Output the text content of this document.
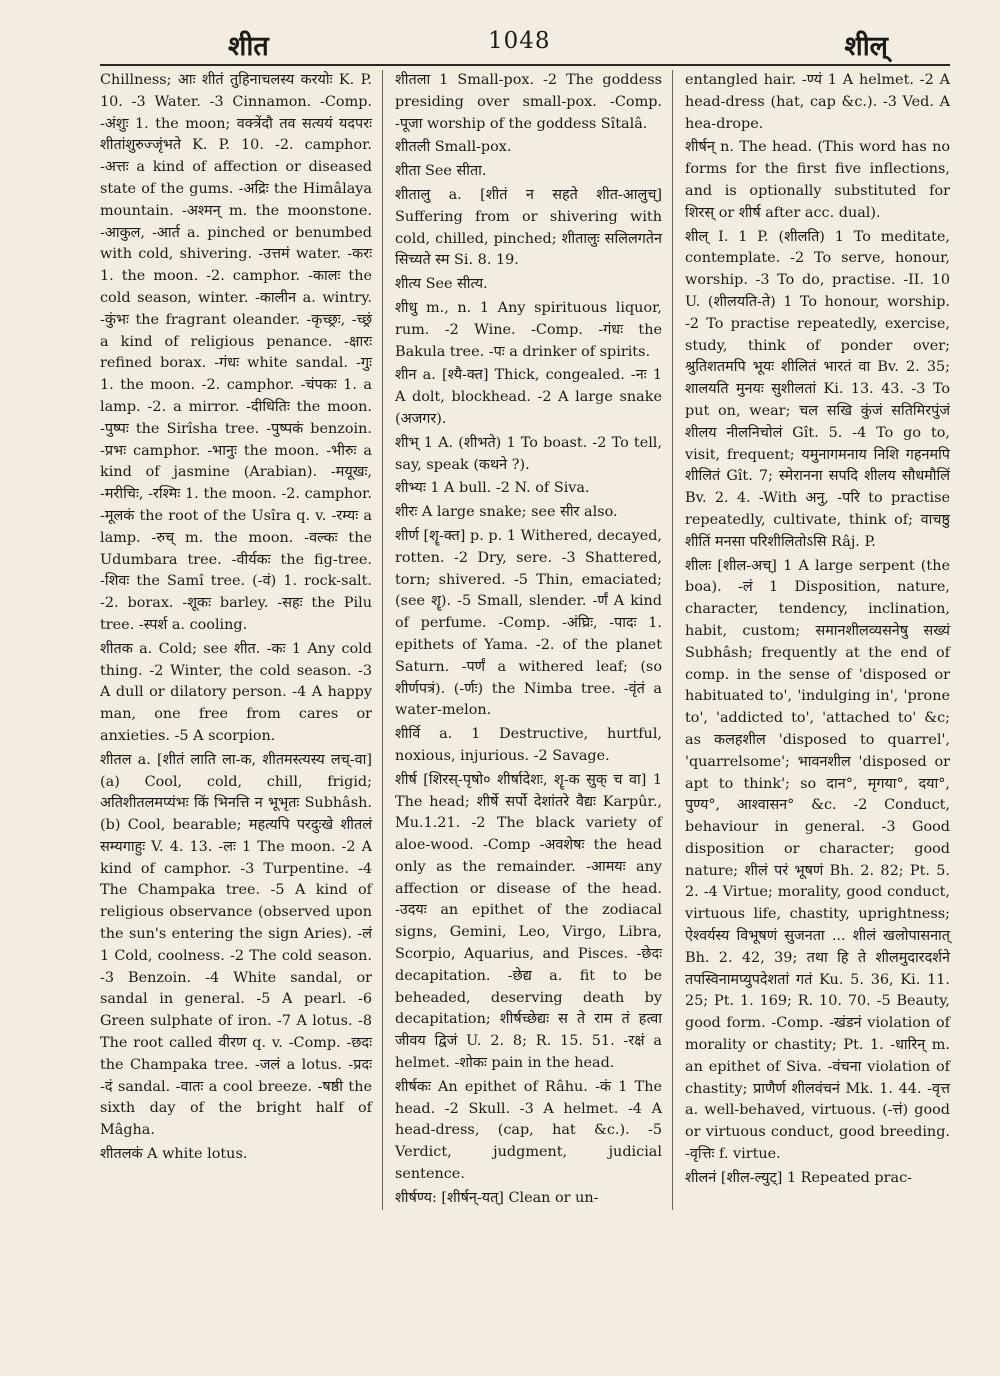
शीत	1048	शील्

Chillness; आः शीतं तुहिनाचलस्य करयोः K. P. 10. -3 Water. -3 Cinnamon. -Comp. -अंशुः 1. the moon; वक्त्रेंदौ तव सत्ययं यदपरः शीतांशुरुज्जृंभते K. P. 10. -2. camphor. -अत्तः a kind of affection or diseased state of the gums. -अद्रिः the Himâlaya mountain. -अश्मन् m. the moonstone. -आकुल, -आर्त a. pinched or benumbed with cold, shivering. -उत्तमं water. -करः 1. the moon. -2. camphor. -कालः the cold season, winter. -कालीन a. wintry. -कुंभः the fragrant oleander. -कृच्छ्रः, -च्छ्रं a kind of religious penance. -क्षारः refined borax. -गंधः white sandal. -गुः 1. the moon. -2. camphor. -चंपकः 1. a lamp. -2. a mirror. -दीधितिः the moon. -पुष्पः the Sirîsha tree. -पुष्पकं benzoin. -प्रभः camphor. -भानुः the moon. -भीरुः a kind of jasmine (Arabian). -मयूखः, -मरीचिः, -रश्मिः 1. the moon. -2. camphor. -मूलकं the root of the Usîra q. v. -रम्यः a lamp. -रुच् m. the moon. -वल्कः the Udumbara tree. -वीर्यकः the fig-tree. -शिवः the Samî tree. (-वं) 1. rock-salt. -2. borax. -शूकः barley. -सहः the Pilu tree. -स्पर्श a. cooling.

शीतक a. Cold; see शीत. -कः 1 Any cold thing. -2 Winter, the cold season. -3 A dull or dilatory person. -4 A happy man, one free from cares or anxieties. -5 A scorpion.

शीतल a. [शीतं लाति ला-क, शीतमस्त्यस्य लच्-वा] (a) Cool, cold, chill, frigid; अतिशीतलमप्यंभः किं भिनत्ति न भूभृतः Subhâsh. (b) Cool, bearable; महत्यपि परदुःखे शीतलं सम्यगाहुः V. 4. 13. -लः 1 The moon. -2 A kind of camphor. -3 Turpentine. -4 The Champaka tree. -5 A kind of religious observance (observed upon the sun's entering the sign Aries). -लं 1 Cold, coolness. -2 The cold season. -3 Benzoin. -4 White sandal, or sandal in general. -5 A pearl. -6 Green sulphate of iron. -7 A lotus. -8 The root called वीरण q. v. -Comp. -छदः the Champaka tree. -जलं a lotus. -प्रदः -दं sandal. -वातः a cool breeze. -षष्ठी the sixth day of the bright half of Mâgha.

शीतलकं A white lotus.

शीतला 1 Small-pox. -2 The goddess presiding over small-pox. -Comp. -पूजा worship of the goddess Sîtalâ.

शीतली Small-pox.

शीता See सीता.

शीतालु a. [शीतं न सहते शीत-आलुच्] Suffering from or shivering with cold, chilled, pinched; शीतालुः सलिलगतेन सिच्यते स्म Si. 8. 19.

शीत्य See सीत्य.

शीधु m., n. 1 Any spirituous liquor, rum. -2 Wine. -Comp. -गंधः the Bakula tree. -पः a drinker of spirits.

शीन a. [श्यै-क्त] Thick, congealed. -नः 1 A dolt, blockhead. -2 A large snake (अजगर).

शीभ् 1 A. (शीभते) 1 To boast. -2 To tell, say, speak (कथने ?).

शीभ्यः 1 A bull. -2 N. of Siva.

शीरः A large snake; see सीर also.

शीर्ण [शॄ-क्त] p. p. 1 Withered, decayed, rotten. -2 Dry, sere. -3 Shattered, torn; shivered. -5 Thin, emaciated; (see शॄ). -5 Small, slender. -र्णं A kind of perfume. -Comp. -अंघ्रिः, -पादः 1. epithets of Yama. -2. of the planet Saturn. -पर्णं a withered leaf; (so शीर्णपत्रं). (-र्णः) the Nimba tree. -वृंतं a water-melon.

शीर्वि a. 1 Destructive, hurtful, noxious, injurious. -2 Savage.

शीर्ष [शिरस्-पृषो० शीर्षादेशः, शॄ-क सुक् च वा] 1 The head; शीर्षे सर्पो देशांतरे वैद्यः Karpûr., Mu.1.21. -2 The black variety of aloe-wood. -Comp -अवशेषः the head only as the remainder. -आमयः any affection or disease of the head. -उदयः an epithet of the zodiacal signs, Gemini, Leo, Virgo, Libra, Scorpio, Aquarius, and Pisces. -छेदः decapitation. -छेद्य a. fit to be beheaded, deserving death by decapitation; शीर्षच्छेद्यः स ते राम तं हत्वा जीवय द्विजं U. 2. 8; R. 15. 51. -रक्षं a helmet. -शोकः pain in the head.

शीर्षकः An epithet of Râhu. -कं 1 The head. -2 Skull. -3 A helmet. -4 A head-dress, (cap, hat &c.). -5 Verdict, judgment, judicial sentence.

शीर्षण्य: [शीर्षन्-यत्] Clean or un-

entangled hair. -ण्यं 1 A helmet. -2 A head-dress (hat, cap &c.). -3 Ved. A hea-drope.

शीर्षन् n. The head. (This word has no forms for the first five inflections, and is optionally substituted for शिरस् or शीर्ष after acc. dual).

शील् I. 1 P. (शीलति) 1 To meditate, contemplate. -2 To serve, honour, worship. -3 To do, practise. -II. 10 U. (शीलयति-ते) 1 To honour, worship. -2 To practise repeatedly, exercise, study, think of ponder over; श्रुतिशतमपि भूयः शीलितं भारतं वा Bv. 2. 35; शालयति मुनयः सुशीलतां Ki. 13. 43. -3 To put on, wear; चल सखि कुंजं सतिमिरपुंजं शीलय नीलनिचोलं Gît. 5. -4 To go to, visit, frequent; यमुनागमनाय निशि गहनमपि शीलितं Gît. 7; स्मेरानना सपदि शीलय सौधमौलिं Bv. 2. 4. -With अनु, -परि to practise repeatedly, cultivate, think of; वाचष्ठु शीतिं मनसा परिशीलितोऽसि Râj. P.

शीलः [शील-अच्] 1 A large serpent (the boa). -लं 1 Disposition, nature, character, tendency, inclination, habit, custom; समानशीलव्यसनेषु सख्यं Subhâsh; frequently at the end of comp. in the sense of 'disposed or habituated to', 'indulging in', 'prone to', 'addicted to', 'attached to' &c; as कलहशील 'disposed to quarrel', 'quarrelsome'; भावनशील 'disposed or apt to think'; so दान°, मृगया°, दया°, पुण्य°, आश्वासन° &c. -2 Conduct, behaviour in general. -3 Good disposition or character; good nature; शीलं परं भूषणं Bh. 2. 82; Pt. 5. 2. -4 Virtue; morality, good conduct, virtuous life, chastity, uprightness; ऐश्वर्यस्य विभूषणं सुजनता ... शीलं खलोपासनात् Bh. 2. 42, 39; तथा हि ते शीलमुदारदर्शने तपस्विनामप्युपदेशतां गतं Ku. 5. 36, Ki. 11. 25; Pt. 1. 169; R. 10. 70. -5 Beauty, good form. -Comp. -खंडनं violation of morality or chastity; Pt. 1. -धारिन् m. an epithet of Siva. -वंचना violation of chastity; प्राणैर्ण शीलवंचनं Mk. 1. 44. -वृत्त a. well-behaved, virtuous. (-त्तं) good or virtuous conduct, good breeding. -वृत्तिः f. virtue.

शीलनं [शील-ल्युट्] 1 Repeated prac-
